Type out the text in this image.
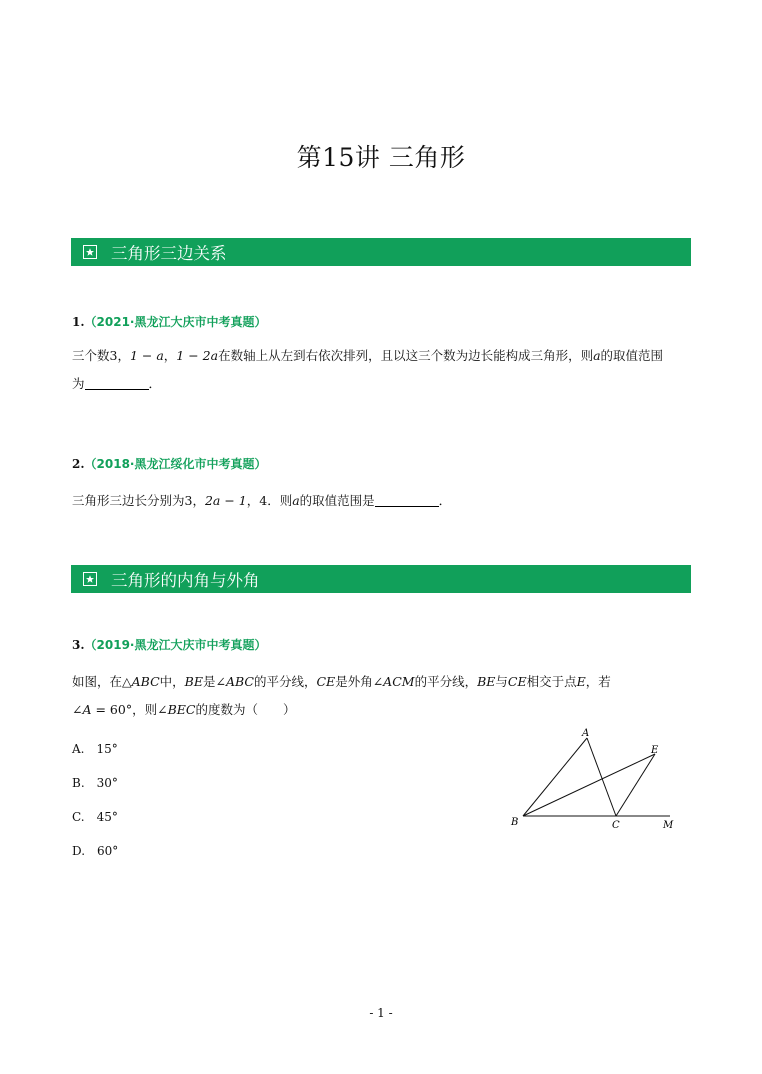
第15讲 三角形
三角形三边关系
1.（2021·黑龙江大庆市中考真题）
三个数3，1 − a，1 − 2a在数轴上从左到右依次排列，且以这三个数为边长能构成三角形，则a的取值范围
为	．
2.（2018·黑龙江绥化市中考真题）
三角形三边长分别为3，2a − 1，4．则a的取值范围是	．
三角形的内角与外角
3.（2019·黑龙江大庆市中考真题）
如图，在△ABC中，BE是∠ABC的平分线，CE是外角∠ACM的平分线，BE与CE相交于点E，若
∠A = 60°，则∠BEC的度数为（　　）
A. 15°
B. 30°
C. 45°
D. 60°
A
B	C
E
M
- 1 -
